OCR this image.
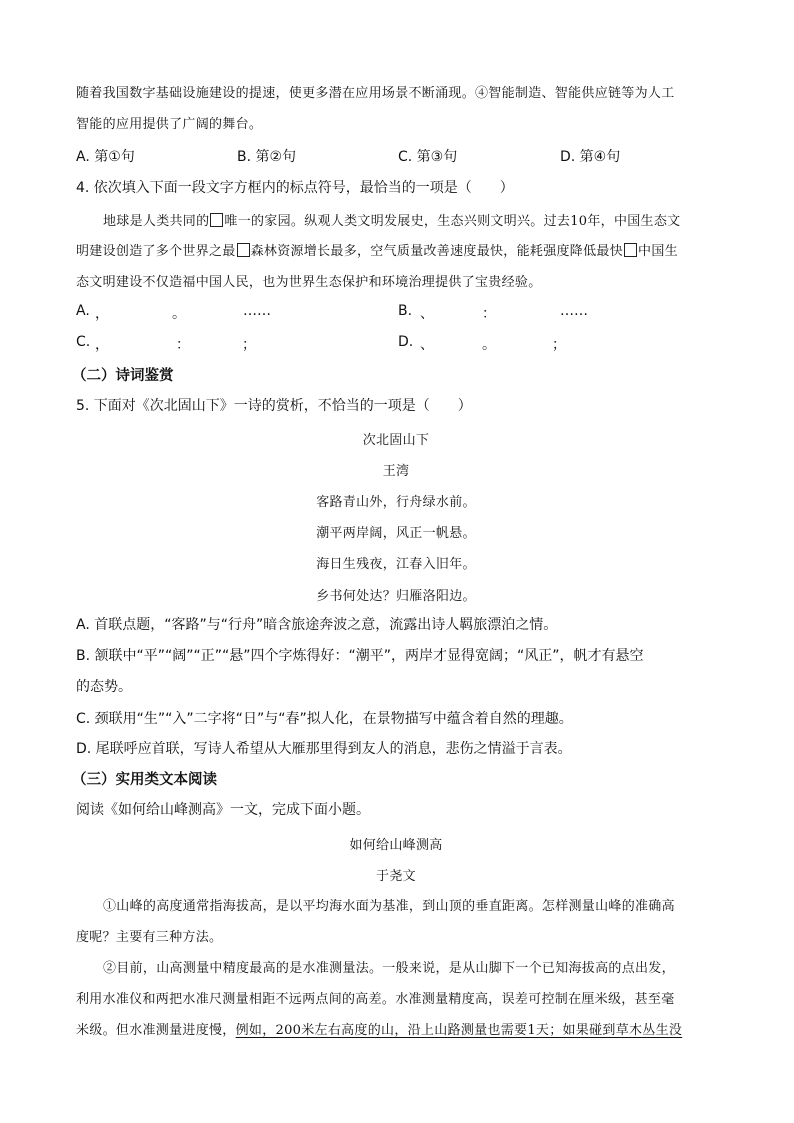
随着我国数字基础设施建设的提速，使更多潜在应用场景不断涌现。④智能制造、智能供应链等为人工
智能的应用提供了广阔的舞台。
A. 第①句	B. 第②句	C. 第③句	D. 第④句
4. 依次填入下面一段文字方框内的标点符号，最恰当的一项是（　　）
地球是人类共同的 唯一的家园。纵观人类文明发展史，生态兴则文明兴。过去10年，中国生态文
明建设创造了多个世界之最 森林资源增长最多，空气质量改善速度最快，能耗强度降低最快 中国生
态文明建设不仅造福中国人民，也为世界生态保护和环境治理提供了宝贵经验。
A. ，	。	……	B. 、	：	……
C. ，	：	；	D. 、	。	；
（二）诗词鉴赏
5. 下面对《次北固山下》一诗的赏析，不恰当的一项是（　　）
次北固山下
王湾
客路青山外，行舟绿水前。
潮平两岸阔，风正一帆悬。
海日生残夜，江春入旧年。
乡书何处达？归雁洛阳边。
A. 首联点题，“客路”与“行舟”暗含旅途奔波之意，流露出诗人羁旅漂泊之情。
B. 颔联中“平”“阔”“正”“悬”四个字炼得好：“潮平”，两岸才显得宽阔；“风正”，帆才有悬空
的态势。
C. 颈联用“生”“入”二字将“日”与“春”拟人化，在景物描写中蕴含着自然的理趣。
D. 尾联呼应首联，写诗人希望从大雁那里得到友人的消息，悲伤之情溢于言表。
（三）实用类文本阅读
阅读《如何给山峰测高》一文，完成下面小题。
如何给山峰测高
于尧文
①山峰的高度通常指海拔高，是以平均海水面为基准，到山顶的垂直距离。怎样测量山峰的准确高
度呢？主要有三种方法。
②目前，山高测量中精度最高的是水准测量法。一般来说，是从山脚下一个已知海拔高的点出发，
利用水准仪和两把水准尺测量相距不远两点间的高差。水准测量精度高，误差可控制在厘米级，甚至毫
米级。但水准测量进度慢，例如，200米左右高度的山，沿上山路测量也需要1天；如果碰到草木丛生没
